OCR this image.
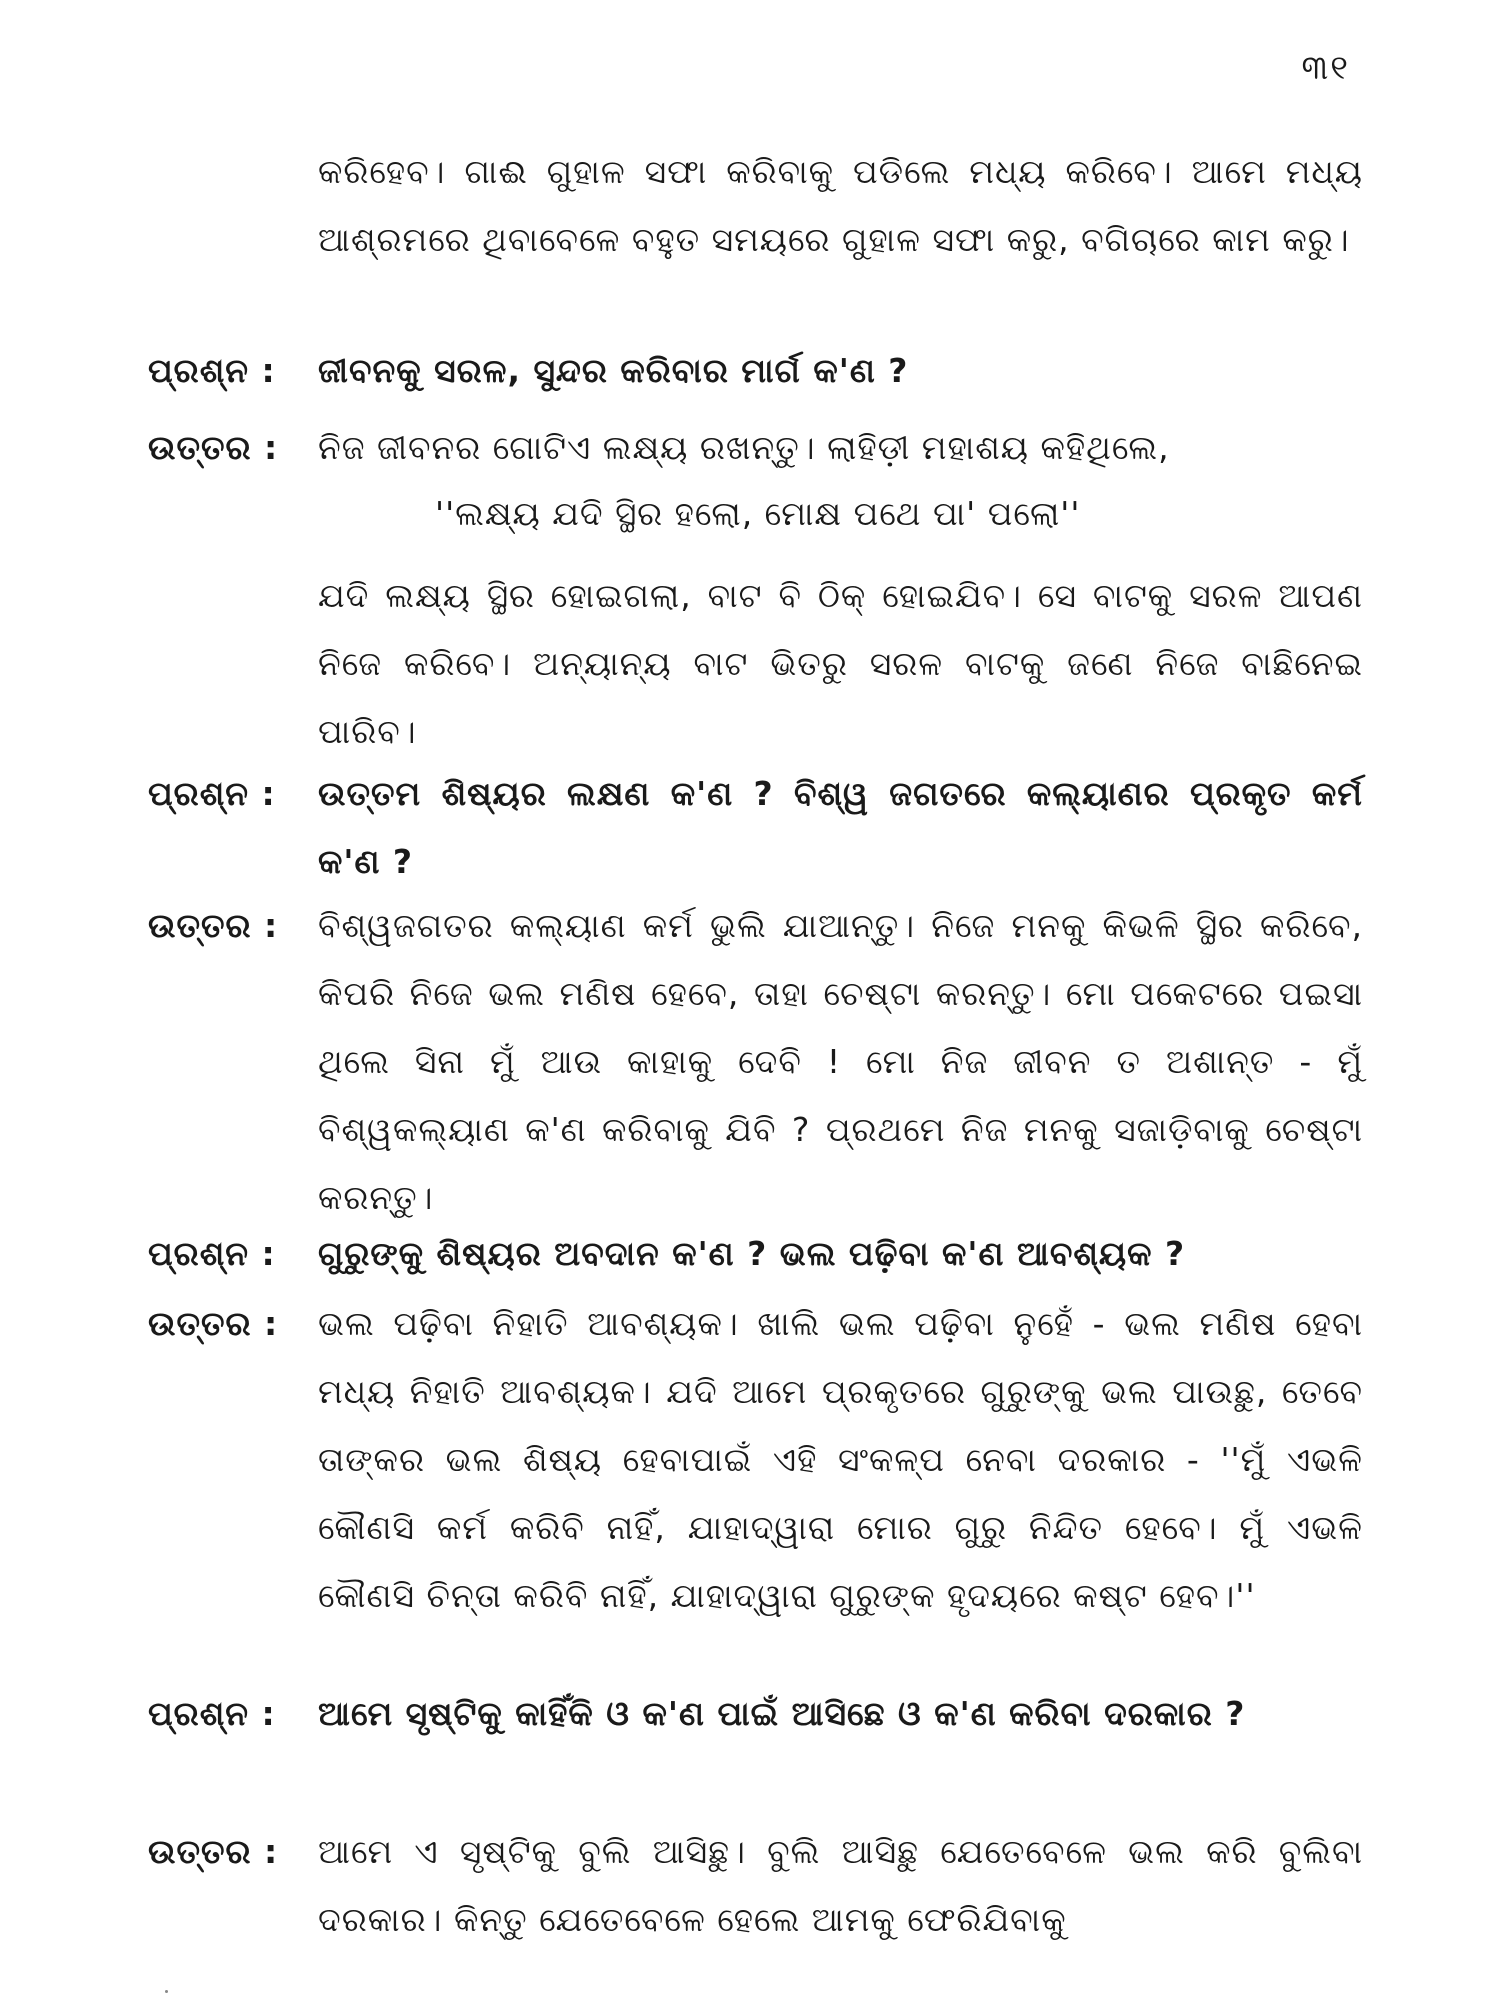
୩୧
କରିହେବ। ଗାଈ ଗୁହାଳ ସଫା କରିବାକୁ ପଡିଲେ ମଧ୍ୟ କରିବେ। ଆମେ ମଧ୍ୟ ଆଶ୍ରମରେ ଥିବାବେଳେ ବହୁତ ସମୟରେ ଗୁହାଳ ସଫା କରୁ, ବଗିଚାରେ କାମ କରୁ।
ପ୍ରଶ୍ନ :	ଜୀବନକୁ ସରଳ, ସୁନ୍ଦର କରିବାର ମାର୍ଗ କ'ଣ ?
ଉତ୍ତର :	ନିଜ ଜୀବନର ଗୋଟିଏ ଲକ୍ଷ୍ୟ ରଖନ୍ତୁ। ଲାହିଡ଼ୀ ମହାଶୟ କହିଥିଲେ,
''ଲକ୍ଷ୍ୟ ଯଦି ସ୍ଥିର ହଲୋ, ମୋକ୍ଷ ପଥେ ପା' ପଲୋ''
ଯଦି ଲକ୍ଷ୍ୟ ସ୍ଥିର ହୋଇଗଲା, ବାଟ ବି ଠିକ୍ ହୋଇଯିବ। ସେ ବାଟକୁ ସରଳ ଆପଣ ନିଜେ କରିବେ। ଅନ୍ୟାନ୍ୟ ବାଟ ଭିତରୁ ସରଳ ବାଟକୁ ଜଣେ ନିଜେ ବାଛିନେଇ ପାରିବ।
ପ୍ରଶ୍ନ :	ଉତ୍ତମ ଶିଷ୍ୟର ଲକ୍ଷଣ କ'ଣ ? ବିଶ୍ୱ ଜଗତରେ କଲ୍ୟାଣର ପ୍ରକୃତ କର୍ମ କ'ଣ ?
ଉତ୍ତର :	ବିଶ୍ୱଜଗତର କଲ୍ୟାଣ କର୍ମ ଭୁଲି ଯାଆନ୍ତୁ। ନିଜେ ମନକୁ କିଭଳି ସ୍ଥିର କରିବେ, କିପରି ନିଜେ ଭଲ ମଣିଷ ହେବେ, ତାହା ଚେଷ୍ଟା କରନ୍ତୁ। ମୋ ପକେଟରେ ପଇସା ଥିଲେ ସିନା ମୁଁ ଆଉ କାହାକୁ ଦେବି ! ମୋ ନିଜ ଜୀବନ ତ ଅଶାନ୍ତ - ମୁଁ ବିଶ୍ୱକଲ୍ୟାଣ କ'ଣ କରିବାକୁ ଯିବି ? ପ୍ରଥମେ ନିଜ ମନକୁ ସଜାଡ଼ିବାକୁ ଚେଷ୍ଟା କରନ୍ତୁ।
ପ୍ରଶ୍ନ :	ଗୁରୁଙ୍କୁ ଶିଷ୍ୟର ଅବଦାନ କ'ଣ ? ଭଲ ପଢ଼ିବା କ'ଣ ଆବଶ୍ୟକ ?
ଉତ୍ତର :	ଭଲ ପଢ଼ିବା ନିହାତି ଆବଶ୍ୟକ। ଖାଲି ଭଲ ପଢ଼ିବା ନୁହେଁ - ଭଲ ମଣିଷ ହେବା ମଧ୍ୟ ନିହାତି ଆବଶ୍ୟକ। ଯଦି ଆମେ ପ୍ରକୃତରେ ଗୁରୁଙ୍କୁ ଭଲ ପାଉଛୁ, ତେବେ ତାଙ୍କର ଭଲ ଶିଷ୍ୟ ହେବାପାଇଁ ଏହି ସଂକଳ୍ପ ନେବା ଦରକାର - ''ମୁଁ ଏଭଳି କୌଣସି କର୍ମ କରିବି ନାହିଁ, ଯାହାଦ୍ୱାରା ମୋର ଗୁରୁ ନିନ୍ଦିତ ହେବେ। ମୁଁ ଏଭଳି କୌଣସି ଚିନ୍ତା କରିବି ନାହିଁ, ଯାହାଦ୍ୱାରା ଗୁରୁଙ୍କ ହୃଦୟରେ କଷ୍ଟ ହେବ।''
ପ୍ରଶ୍ନ :	ଆମେ ସୃଷ୍ଟିକୁ କାହିଁକି ଓ କ'ଣ ପାଇଁ ଆସିଛେ ଓ କ'ଣ କରିବା ଦରକାର ?
ଉତ୍ତର :	ଆମେ ଏ ସୃଷ୍ଟିକୁ ବୁଲି ଆସିଛୁ। ବୁଲି ଆସିଛୁ ଯେତେବେଳେ ଭଲ କରି ବୁଲିବା ଦରକାର। କିନ୍ତୁ ଯେତେବେଳେ ହେଲେ ଆମକୁ ଫେରିଯିବାକୁ
